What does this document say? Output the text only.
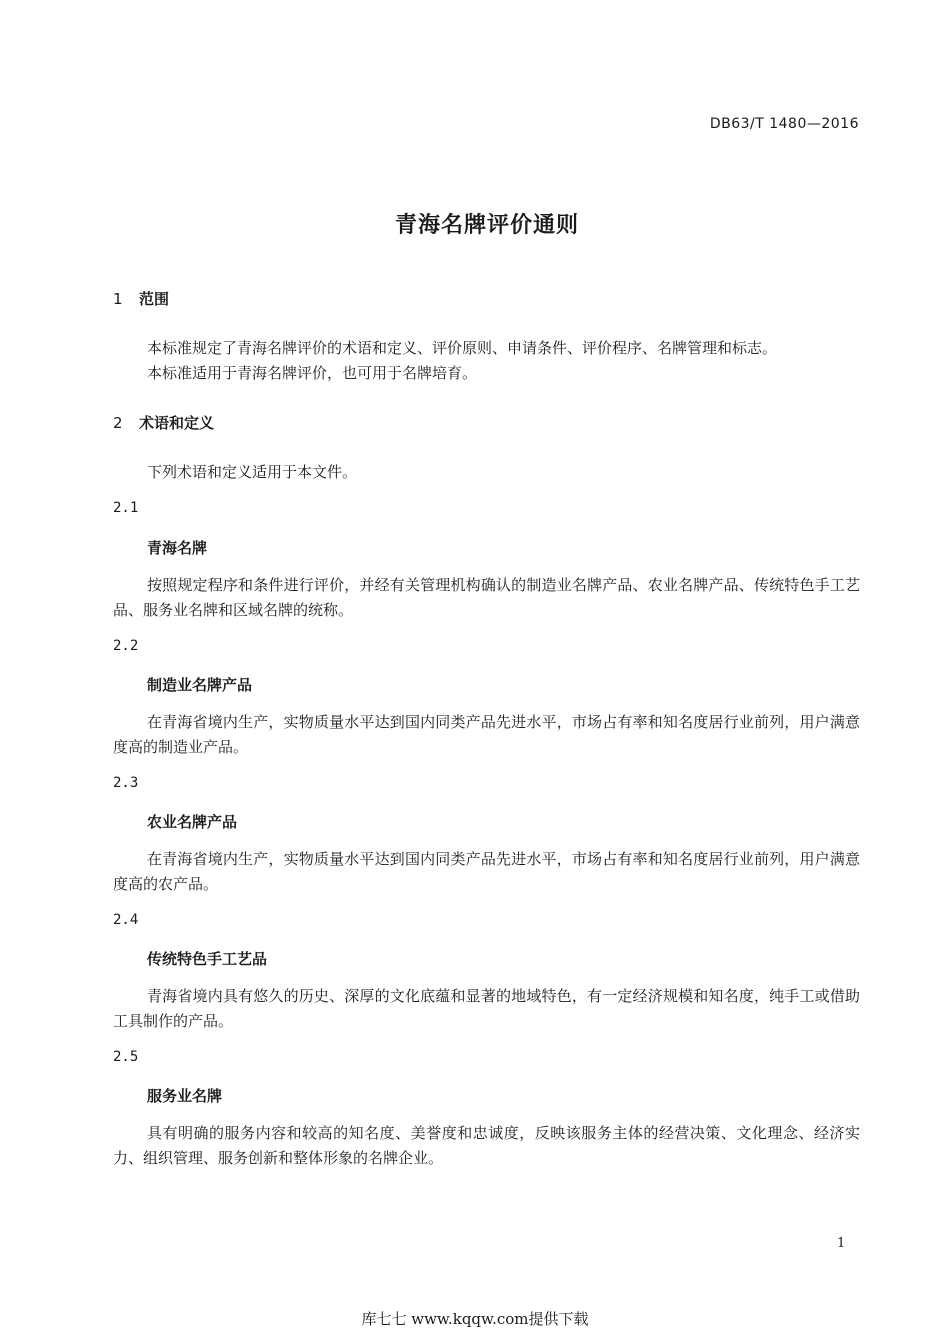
DB63/T 1480—2016
青海名牌评价通则
1 范围
本标准规定了青海名牌评价的术语和定义、评价原则、申请条件、评价程序、名牌管理和标志。
本标准适用于青海名牌评价，也可用于名牌培育。
2 术语和定义
下列术语和定义适用于本文件。
2.1
青海名牌
按照规定程序和条件进行评价，并经有关管理机构确认的制造业名牌产品、农业名牌产品、传统特色手工艺品、服务业名牌和区域名牌的统称。
2.2
制造业名牌产品
在青海省境内生产，实物质量水平达到国内同类产品先进水平，市场占有率和知名度居行业前列，用户满意度高的制造业产品。
2.3
农业名牌产品
在青海省境内生产，实物质量水平达到国内同类产品先进水平，市场占有率和知名度居行业前列，用户满意度高的农产品。
2.4
传统特色手工艺品
青海省境内具有悠久的历史、深厚的文化底蕴和显著的地域特色，有一定经济规模和知名度，纯手工或借助工具制作的产品。
2.5
服务业名牌
具有明确的服务内容和较高的知名度、美誉度和忠诚度，反映该服务主体的经营决策、文化理念、经济实力、组织管理、服务创新和整体形象的名牌企业。
1
库七七 www.kqqw.com提供下载
